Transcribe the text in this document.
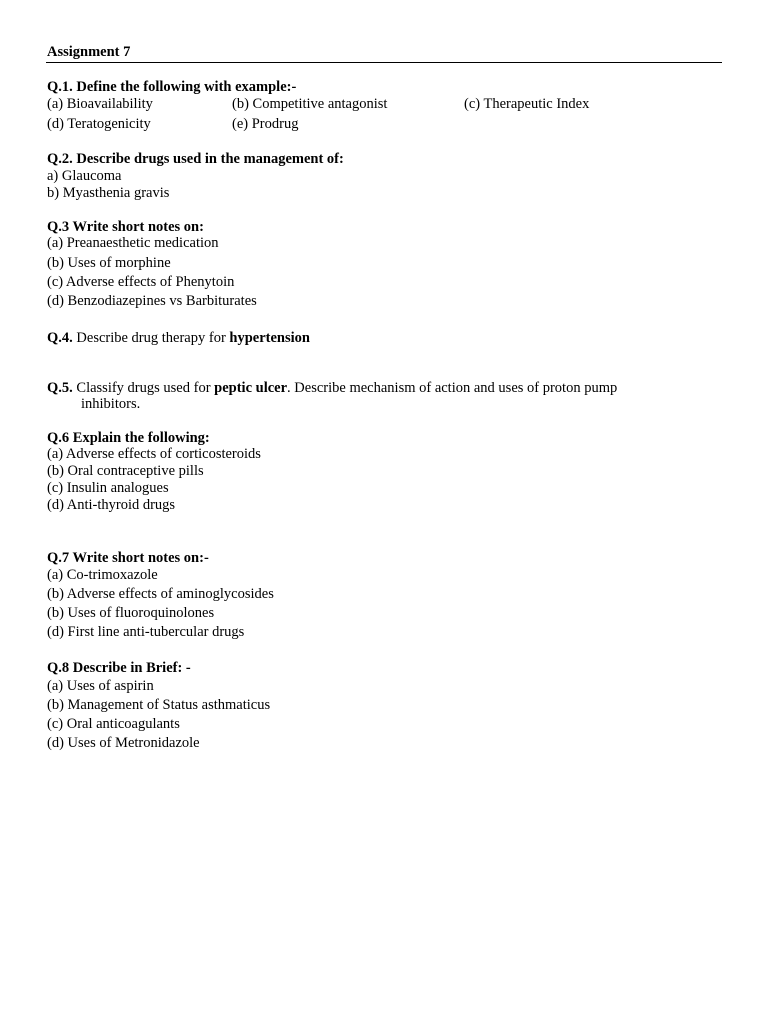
Assignment 7
Q.1. Define the following with example:-
(a) Bioavailability	(b) Competitive antagonist	(c) Therapeutic Index
(d) Teratogenicity	(e) Prodrug
Q.2. Describe drugs used in the management of:
a) Glaucoma
b) Myasthenia gravis
Q.3 Write short notes on:
(a) Preanaesthetic medication
(b) Uses of morphine
(c) Adverse effects of Phenytoin
(d) Benzodiazepines vs Barbiturates
Q.4. Describe drug therapy for hypertension
Q.5. Classify drugs used for peptic ulcer. Describe mechanism of action and uses of proton pump
inhibitors.
Q.6 Explain the following:
(a) Adverse effects of corticosteroids
(b) Oral contraceptive pills
(c) Insulin analogues
(d) Anti-thyroid drugs
Q.7 Write short notes on:-
(a) Co-trimoxazole
(b) Adverse effects of aminoglycosides
(b) Uses of fluoroquinolones
(d) First line anti-tubercular drugs
Q.8 Describe in Brief: -
(a) Uses of aspirin
(b) Management of Status asthmaticus
(c) Oral anticoagulants
(d) Uses of Metronidazole
